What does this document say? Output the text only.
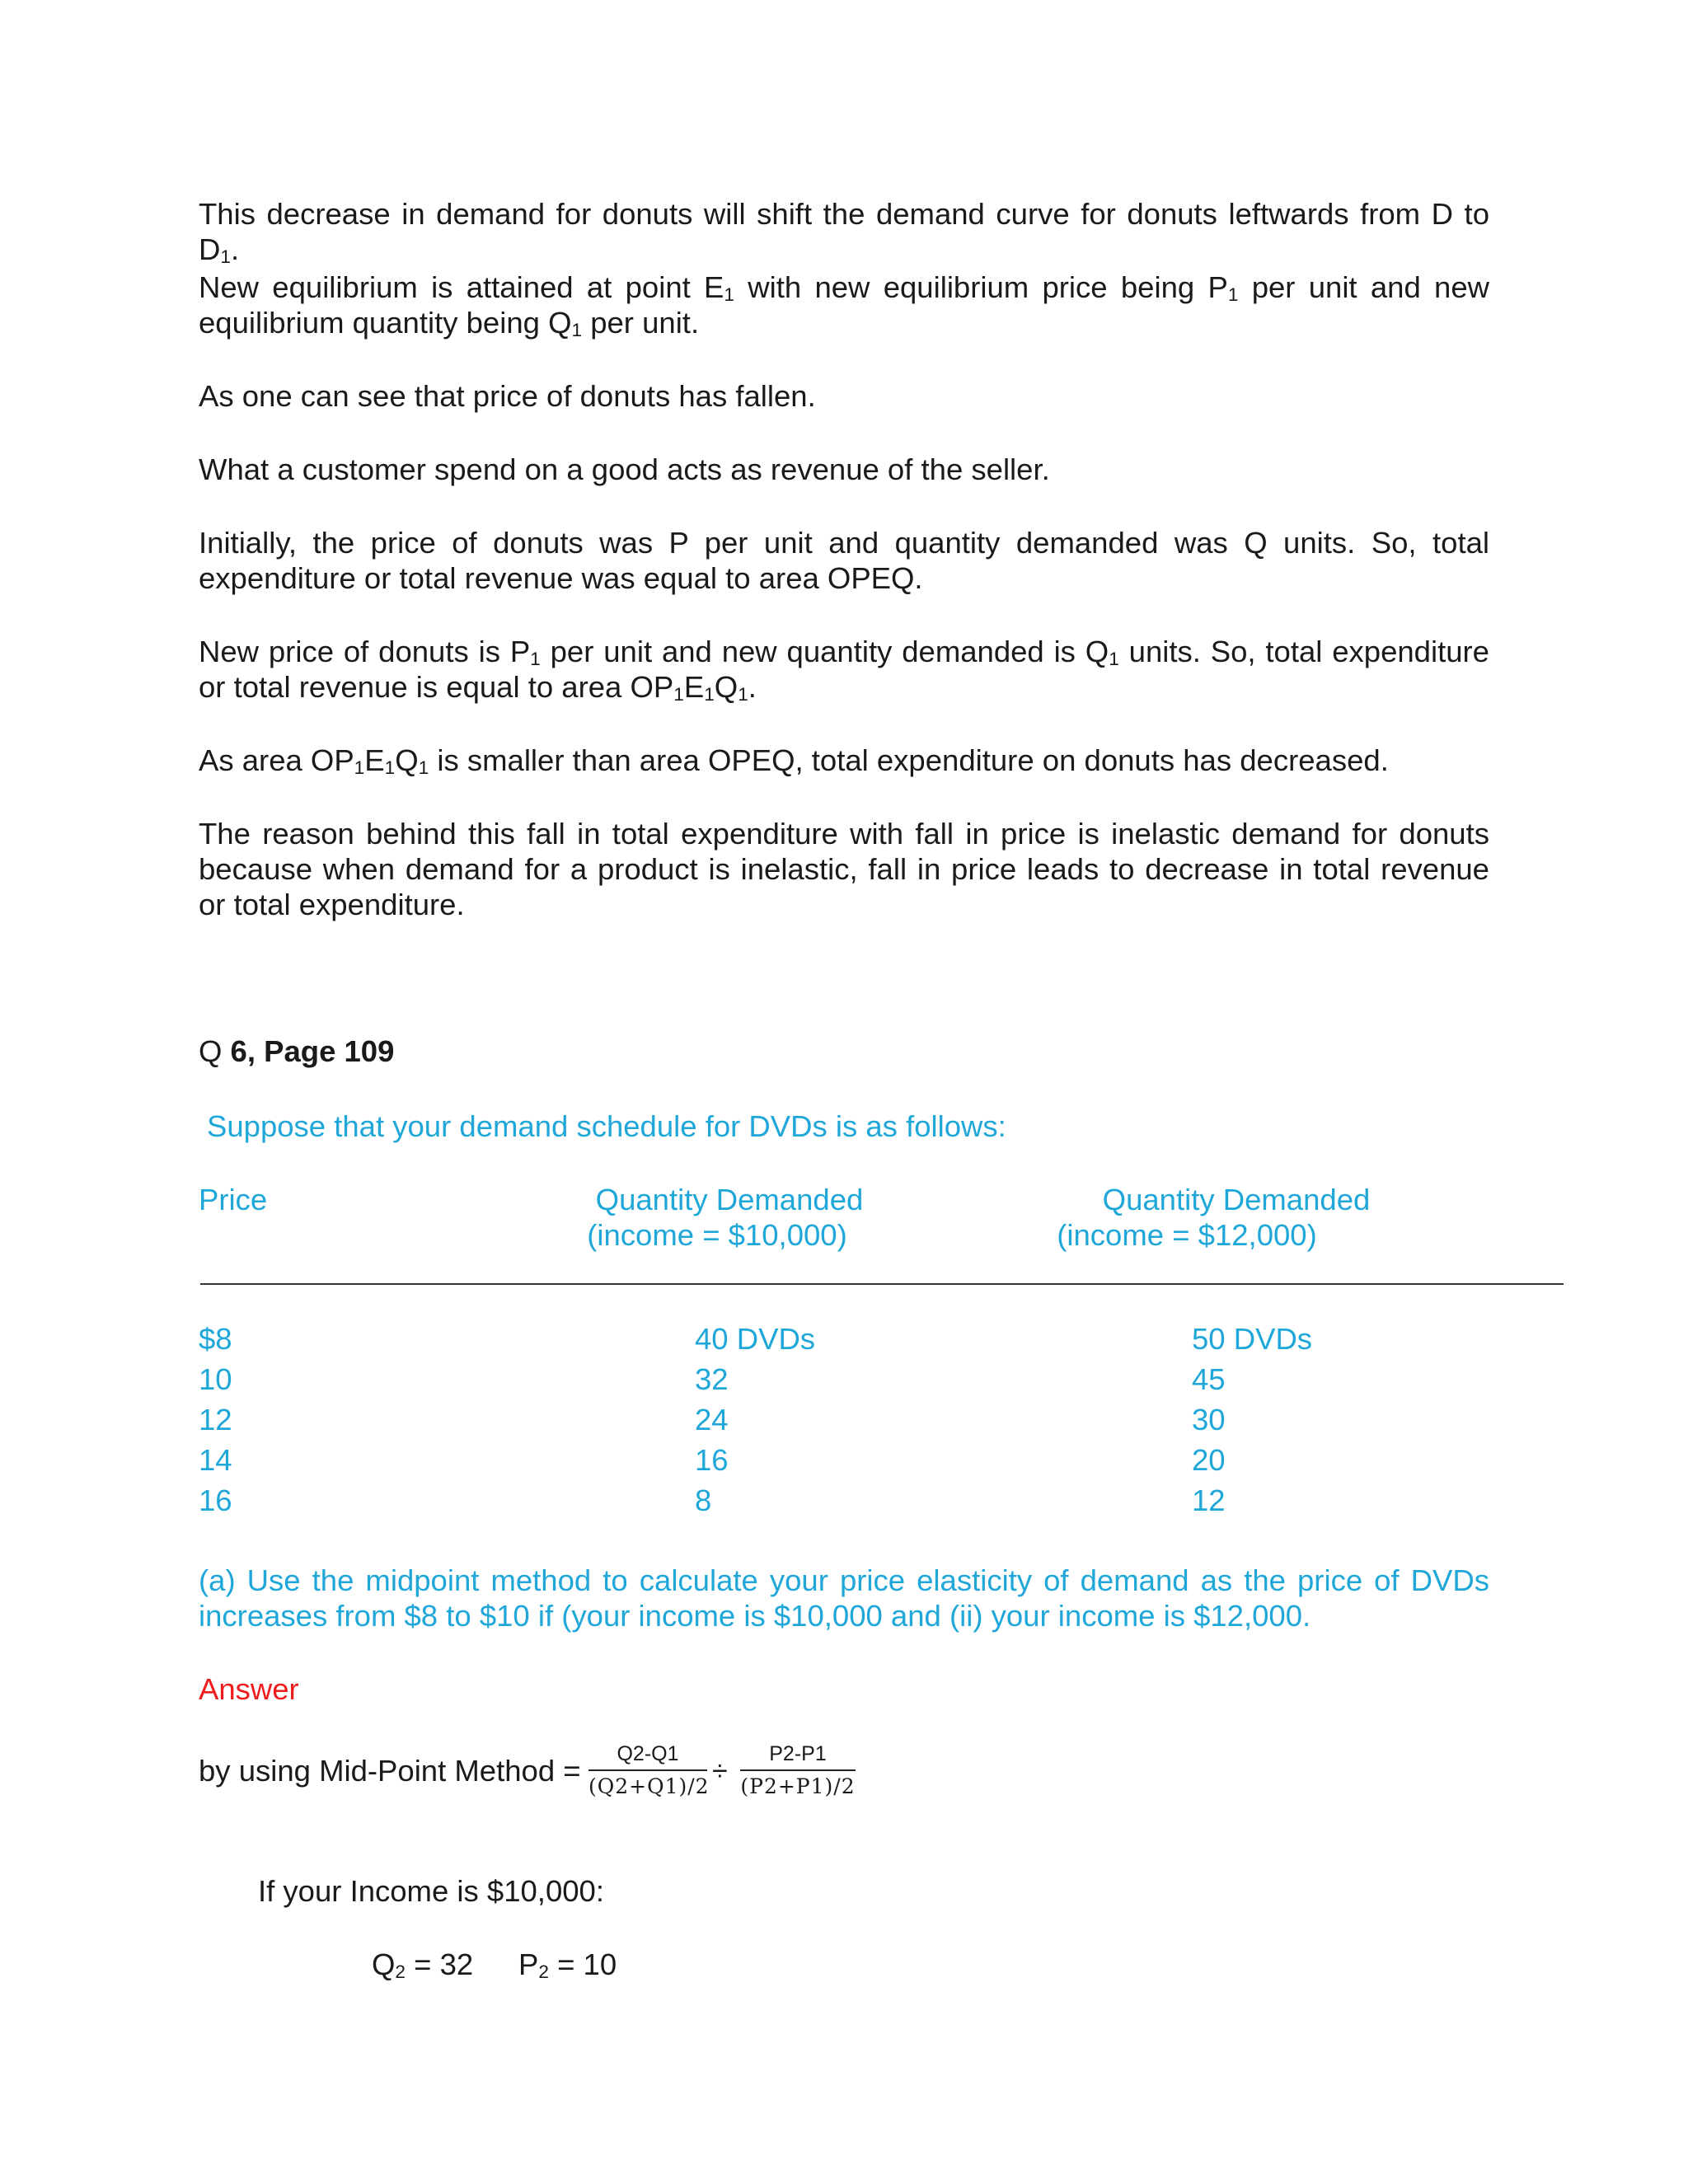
This decrease in demand for donuts will shift the demand curve for donuts leftwards from D to $D_1$.

New equilibrium is attained at point $E_1$ with new equilibrium price being $P_1$ per unit and new equilibrium quantity being $Q_1$ per unit.

As one can see that price of donuts has fallen.

What a customer spend on a good acts as revenue of the seller.

Initially, the price of donuts was P per unit and quantity demanded was Q units. So, total expenditure or total revenue was equal to area OPEQ.

New price of donuts is $P_1$ per unit and new quantity demanded is $Q_1$ units. So, total expenditure or total revenue is equal to area $OP_1E_1Q_1$.

As area $OP_1E_1Q_1$ is smaller than area OPEQ, total expenditure on donuts has decreased.

The reason behind this fall in total expenditure with fall in price is inelastic demand for donuts because when demand for a product is inelastic, fall in price leads to decrease in total revenue or total expenditure.

Q 6, Page 109

Suppose that your demand schedule for DVDs is as follows:

Price	Quantity Demanded
(income = $10,000)
Quantity Demanded
(income = $12,000)
$8
10
12
14
16
40 DVDs
32
24
16
8
50 DVDs
45
30
20
12

(a) Use the midpoint method to calculate your price elasticity of demand as the price of DVDs increases from $8 to $10 if (your income is $10,000 and (ii) your income is $12,000.

Answer

by using Mid-Point Method =	Q2-Q1
(Q2+Q1)/2 ÷
P2-P1
(P2+P1)/2

If your Income is $10,000:

$Q_2 = 32$ $P_2 = 10$
